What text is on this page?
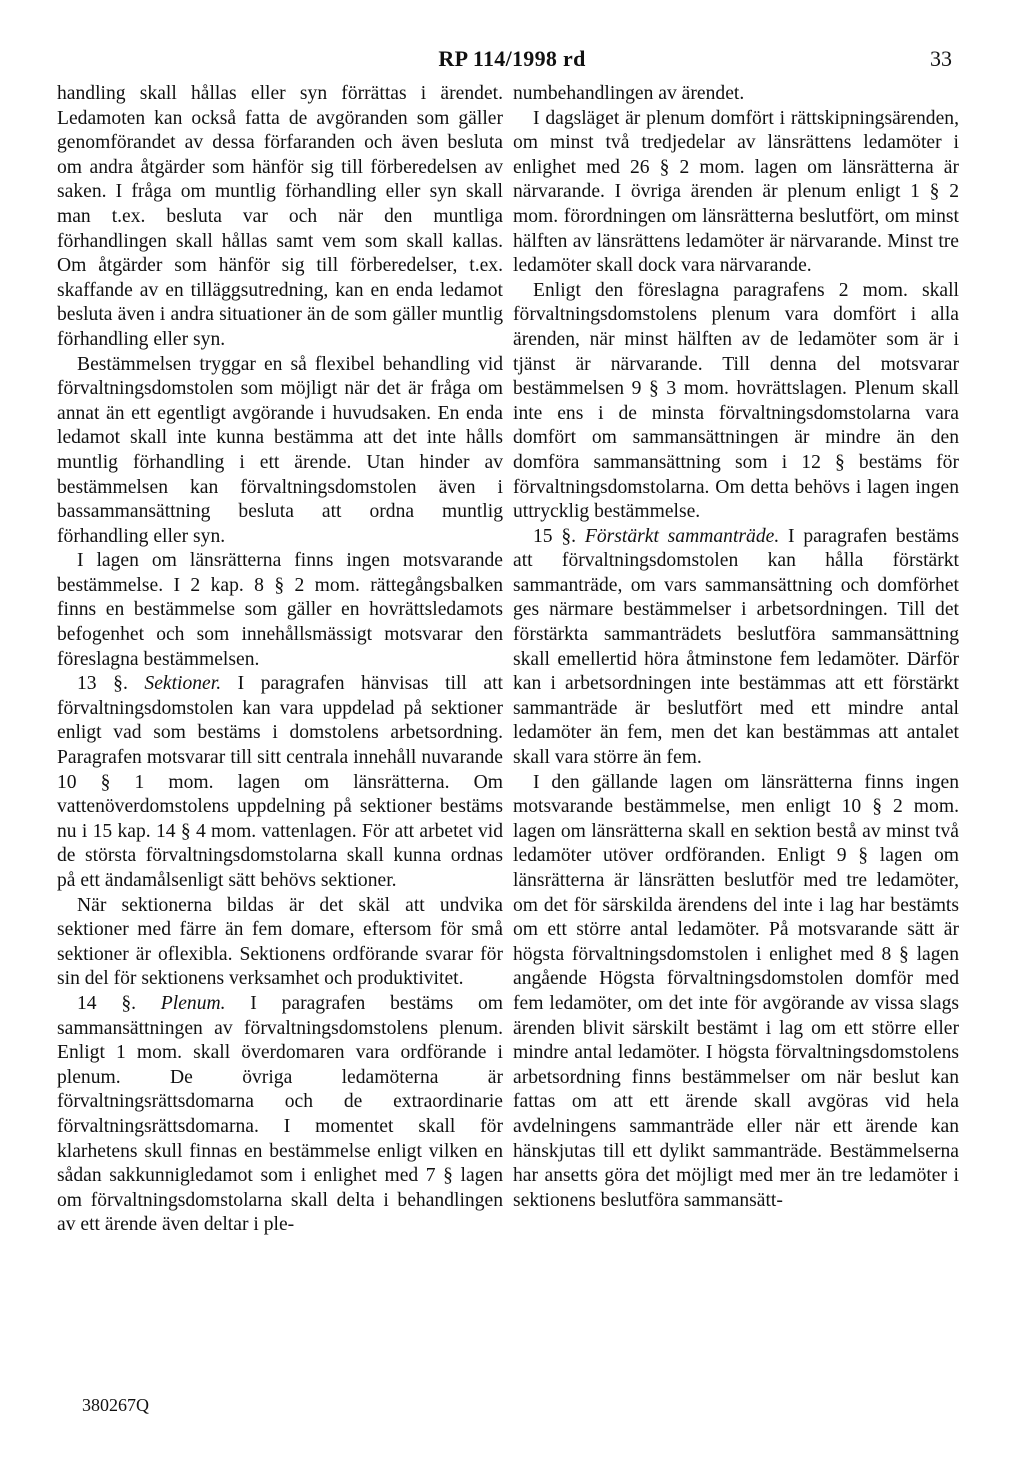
RP 114/1998 rd	33

handling skall hållas eller syn förrättas i ärendet. Ledamoten kan också fatta de avgöranden som gäller genomförandet av dessa förfaranden och även besluta om andra åtgärder som hänför sig till förberedelsen av saken. I fråga om muntlig förhandling eller syn skall man t.ex. besluta var och när den muntliga förhandlingen skall hållas samt vem som skall kallas. Om åtgärder som hänför sig till förberedelser, t.ex. skaffande av en tilläggsutredning, kan en enda ledamot besluta även i andra situationer än de som gäller muntlig förhandling eller syn.

Bestämmelsen tryggar en så flexibel behandling vid förvaltningsdomstolen som möjligt när det är fråga om annat än ett egentligt avgörande i huvudsaken. En enda ledamot skall inte kunna bestämma att det inte hålls muntlig förhandling i ett ärende. Utan hinder av bestämmelsen kan förvaltningsdomstolen även i bassammansättning besluta att ordna muntlig förhandling eller syn.

I lagen om länsrätterna finns ingen motsvarande bestämmelse. I 2 kap. 8 § 2 mom. rättegångsbalken finns en bestämmelse som gäller en hovrättsledamots befogenhet och som innehållsmässigt motsvarar den föreslagna bestämmelsen.

13 §. Sektioner. I paragrafen hänvisas till att förvaltningsdomstolen kan vara uppdelad på sektioner enligt vad som bestäms i domstolens arbetsordning. Paragrafen motsvarar till sitt centrala innehåll nuvarande 10 § 1 mom. lagen om länsrätterna. Om vattenöverdomstolens uppdelning på sektioner bestäms nu i 15 kap. 14 § 4 mom. vattenlagen. För att arbetet vid de största förvaltningsdomstolarna skall kunna ordnas på ett ändamålsenligt sätt behövs sektioner.

När sektionerna bildas är det skäl att undvika sektioner med färre än fem domare, eftersom för små sektioner är oflexibla. Sektionens ordförande svarar för sin del för sektionens verksamhet och produktivitet.

14 §. Plenum. I paragrafen bestäms om sammansättningen av förvaltningsdomstolens plenum. Enligt 1 mom. skall överdomaren vara ordförande i plenum. De övriga ledamöterna är förvaltningsrättsdomarna och de extraordinarie förvaltningsrättsdomarna. I momentet skall för klarhetens skull finnas en bestämmelse enligt vilken en sådan sakkunnigledamot som i enlighet med 7 § lagen om förvaltningsdomstolarna skall delta i behandlingen av ett ärende även deltar i ple-

numbehandlingen av ärendet.

I dagsläget är plenum domfört i rättskipningsärenden, om minst två tredjedelar av länsrättens ledamöter i enlighet med 26 § 2 mom. lagen om länsrätterna är närvarande. I övriga ärenden är plenum enligt 1 § 2 mom. förordningen om länsrätterna beslutfört, om minst hälften av länsrättens ledamöter är närvarande. Minst tre ledamöter skall dock vara närvarande.

Enligt den föreslagna paragrafens 2 mom. skall förvaltningsdomstolens plenum vara domfört i alla ärenden, när minst hälften av de ledamöter som är i tjänst är närvarande. Till denna del motsvarar bestämmelsen 9 § 3 mom. hovrättslagen. Plenum skall inte ens i de minsta förvaltningsdomstolarna vara domfört om sammansättningen är mindre än den domföra sammansättning som i 12 § bestäms för förvaltningsdomstolarna. Om detta behövs i lagen ingen uttrycklig bestämmelse.

15 §. Förstärkt sammanträde. I paragrafen bestäms att förvaltningsdomstolen kan hålla förstärkt sammanträde, om vars sammansättning och domförhet ges närmare bestämmelser i arbetsordningen. Till det förstärkta sammanträdets beslutföra sammansättning skall emellertid höra åtminstone fem ledamöter. Därför kan i arbetsordningen inte bestämmas att ett förstärkt sammanträde är beslutfört med ett mindre antal ledamöter än fem, men det kan bestämmas att antalet skall vara större än fem.

I den gällande lagen om länsrätterna finns ingen motsvarande bestämmelse, men enligt 10 § 2 mom. lagen om länsrätterna skall en sektion bestå av minst två ledamöter utöver ordföranden. Enligt 9 § lagen om länsrätterna är länsrätten beslutför med tre ledamöter, om det för särskilda ärendens del inte i lag har bestämts om ett större antal ledamöter. På motsvarande sätt är högsta förvaltningsdomstolen i enlighet med 8 § lagen angående Högsta förvaltningsdomstolen domför med fem ledamöter, om det inte för avgörande av vissa slags ärenden blivit särskilt bestämt i lag om ett större eller mindre antal ledamöter. I högsta förvaltningsdomstolens arbetsordning finns bestämmelser om när beslut kan fattas om att ett ärende skall avgöras vid hela avdelningens sammanträde eller när ett ärende kan hänskjutas till ett dylikt sammanträde. Bestämmelserna har ansetts göra det möjligt med mer än tre ledamöter i sektionens beslutföra sammansätt-

380267Q
